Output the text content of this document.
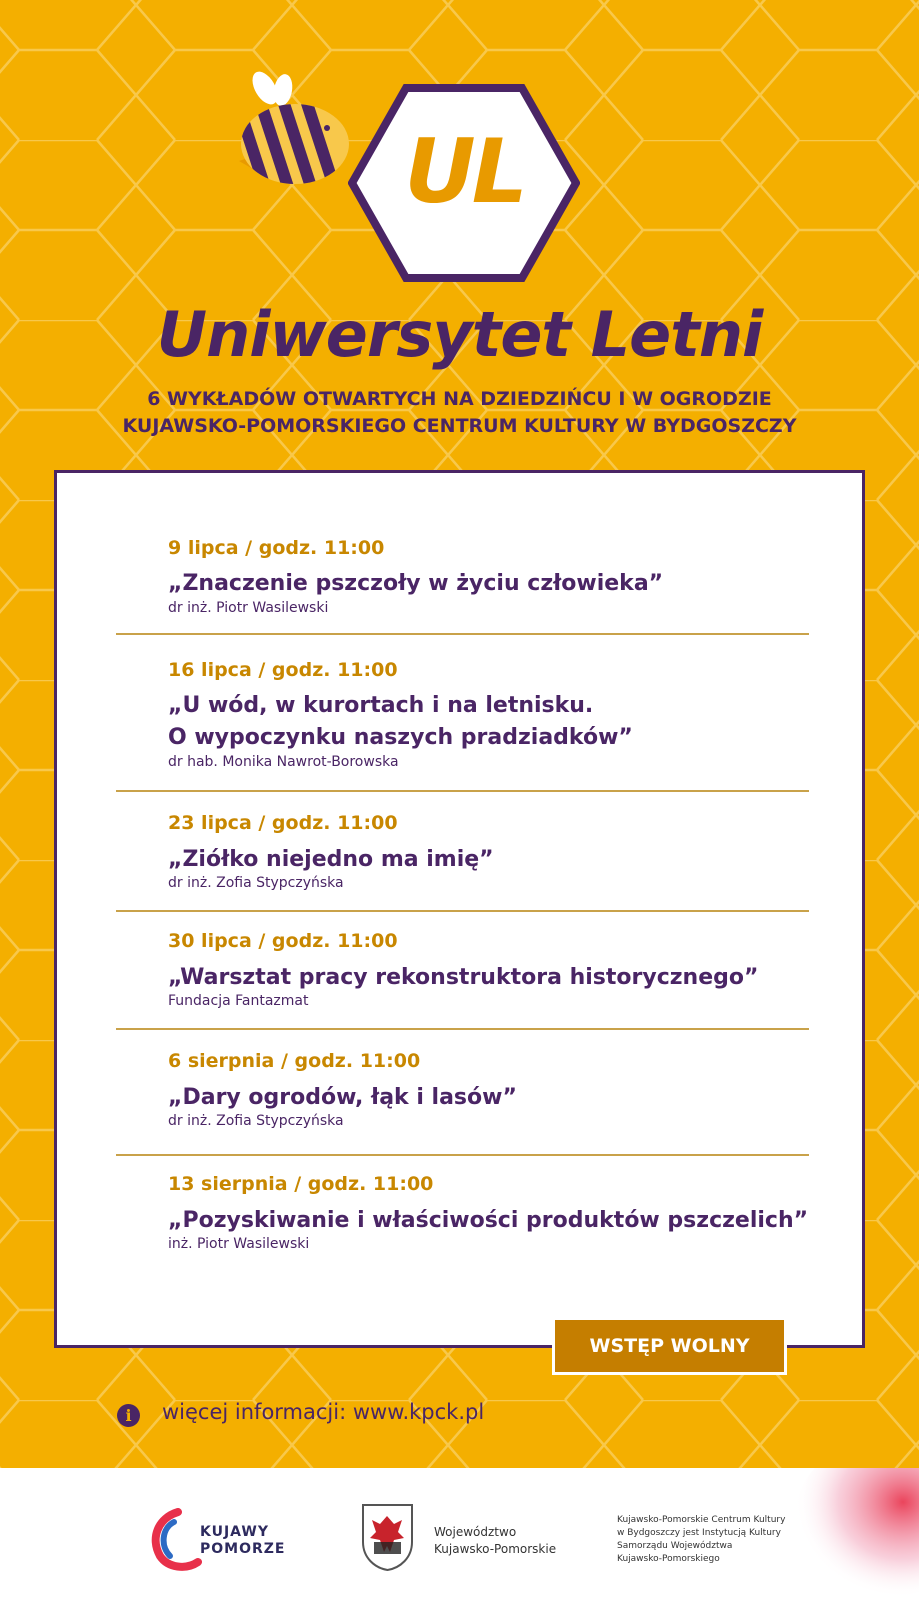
UL
Uniwersytet Letni
6 WYKŁADÓW OTWARTYCH NA DZIEDZIŃCU I W OGRODZIE
KUJAWSKO-POMORSKIEGO CENTRUM KULTURY W BYDGOSZCZY
9 lipca / godz. 11:00
„Znaczenie pszczoły w życiu człowieka”
dr inż. Piotr Wasilewski
16 lipca / godz. 11:00
„U wód, w kurortach i na letnisku.
O wypoczynku naszych pradziadków”
dr hab. Monika Nawrot-Borowska
23 lipca / godz. 11:00
„Ziółko niejedno ma imię”
dr inż. Zofia Stypczyńska
30 lipca / godz. 11:00
„Warsztat pracy rekonstruktora historycznego”
Fundacja Fantazmat
6 sierpnia / godz. 11:00
„Dary ogrodów, łąk i lasów”
dr inż. Zofia Stypczyńska
13 sierpnia / godz. 11:00
„Pozyskiwanie i właściwości produktów pszczelich”
inż. Piotr Wasilewski
WSTĘP WOLNY
i	więcej informacji: www.kpck.pl
KUJAWY
POMORZE
Województwo
Kujawsko-Pomorskie
Kujawsko-Pomorskie Centrum Kultury
w Bydgoszczy jest Instytucją Kultury
Samorządu Województwa
Kujawsko-Pomorskiego
